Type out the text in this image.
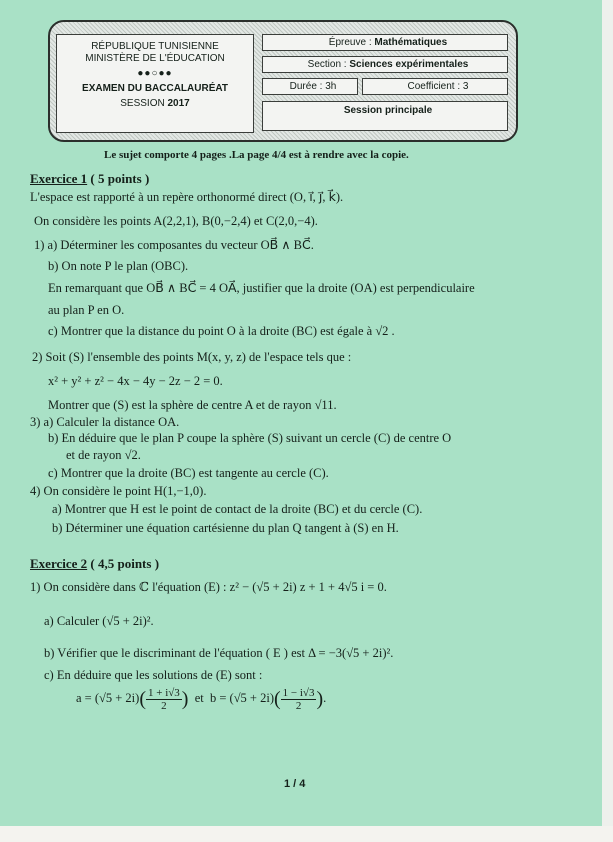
RÉPUBLIQUE TUNISIENNE
MINISTÈRE DE L'ÉDUCATION
●●○●●
EXAMEN DU BACCALAURÉAT
SESSION 2017
Épreuve : Mathématiques
Section : Sciences expérimentales
Durée : 3h	Coefficient : 3
Session principale
Le sujet comporte 4 pages .La page 4/4 est à rendre avec la copie.
Exercice 1 ( 5 points )
L'espace est rapporté à un repère orthonormé direct (O, i⃗, j⃗, k⃗).
On considère les points A(2,2,1), B(0,−2,4) et C(2,0,−4).
1) a) Déterminer les composantes du vecteur OB⃗ ∧ BC⃗.
b) On note P le plan (OBC).
En remarquant que OB⃗ ∧ BC⃗ = 4 OA⃗, justifier que la droite (OA) est perpendiculaire
au plan P en O.
c) Montrer que la distance du point O à la droite (BC) est égale à √2 .
2) Soit (S) l'ensemble des points M(x, y, z) de l'espace tels que :
x² + y² + z² − 4x − 4y − 2z − 2 = 0.
Montrer que (S) est la sphère de centre A et de rayon √11.
3) a) Calculer la distance OA.
b) En déduire que le plan P coupe la sphère (S) suivant un cercle (C) de centre O
et de rayon √2.
c) Montrer que la droite (BC) est tangente au cercle (C).
4) On considère le point H(1,−1,0).
a) Montrer que H est le point de contact de la droite (BC) et du cercle (C).
b) Déterminer une équation cartésienne du plan Q tangent à (S) en H.
Exercice 2 ( 4,5 points )
1) On considère dans ℂ l'équation (E) : z² − (√5 + 2i) z + 1 + 4√5 i = 0.
a) Calculer (√5 + 2i)².
b) Vérifier que le discriminant de l'équation ( E ) est Δ = −3(√5 + 2i)².
c) En déduire que les solutions de (E) sont :
$a = (√5 + 2i)( \frac{1 + i√3}{2}$ ) et $b = (√5 + 2i)( \frac{1 - i√3}{2}$ ).
1 / 4
